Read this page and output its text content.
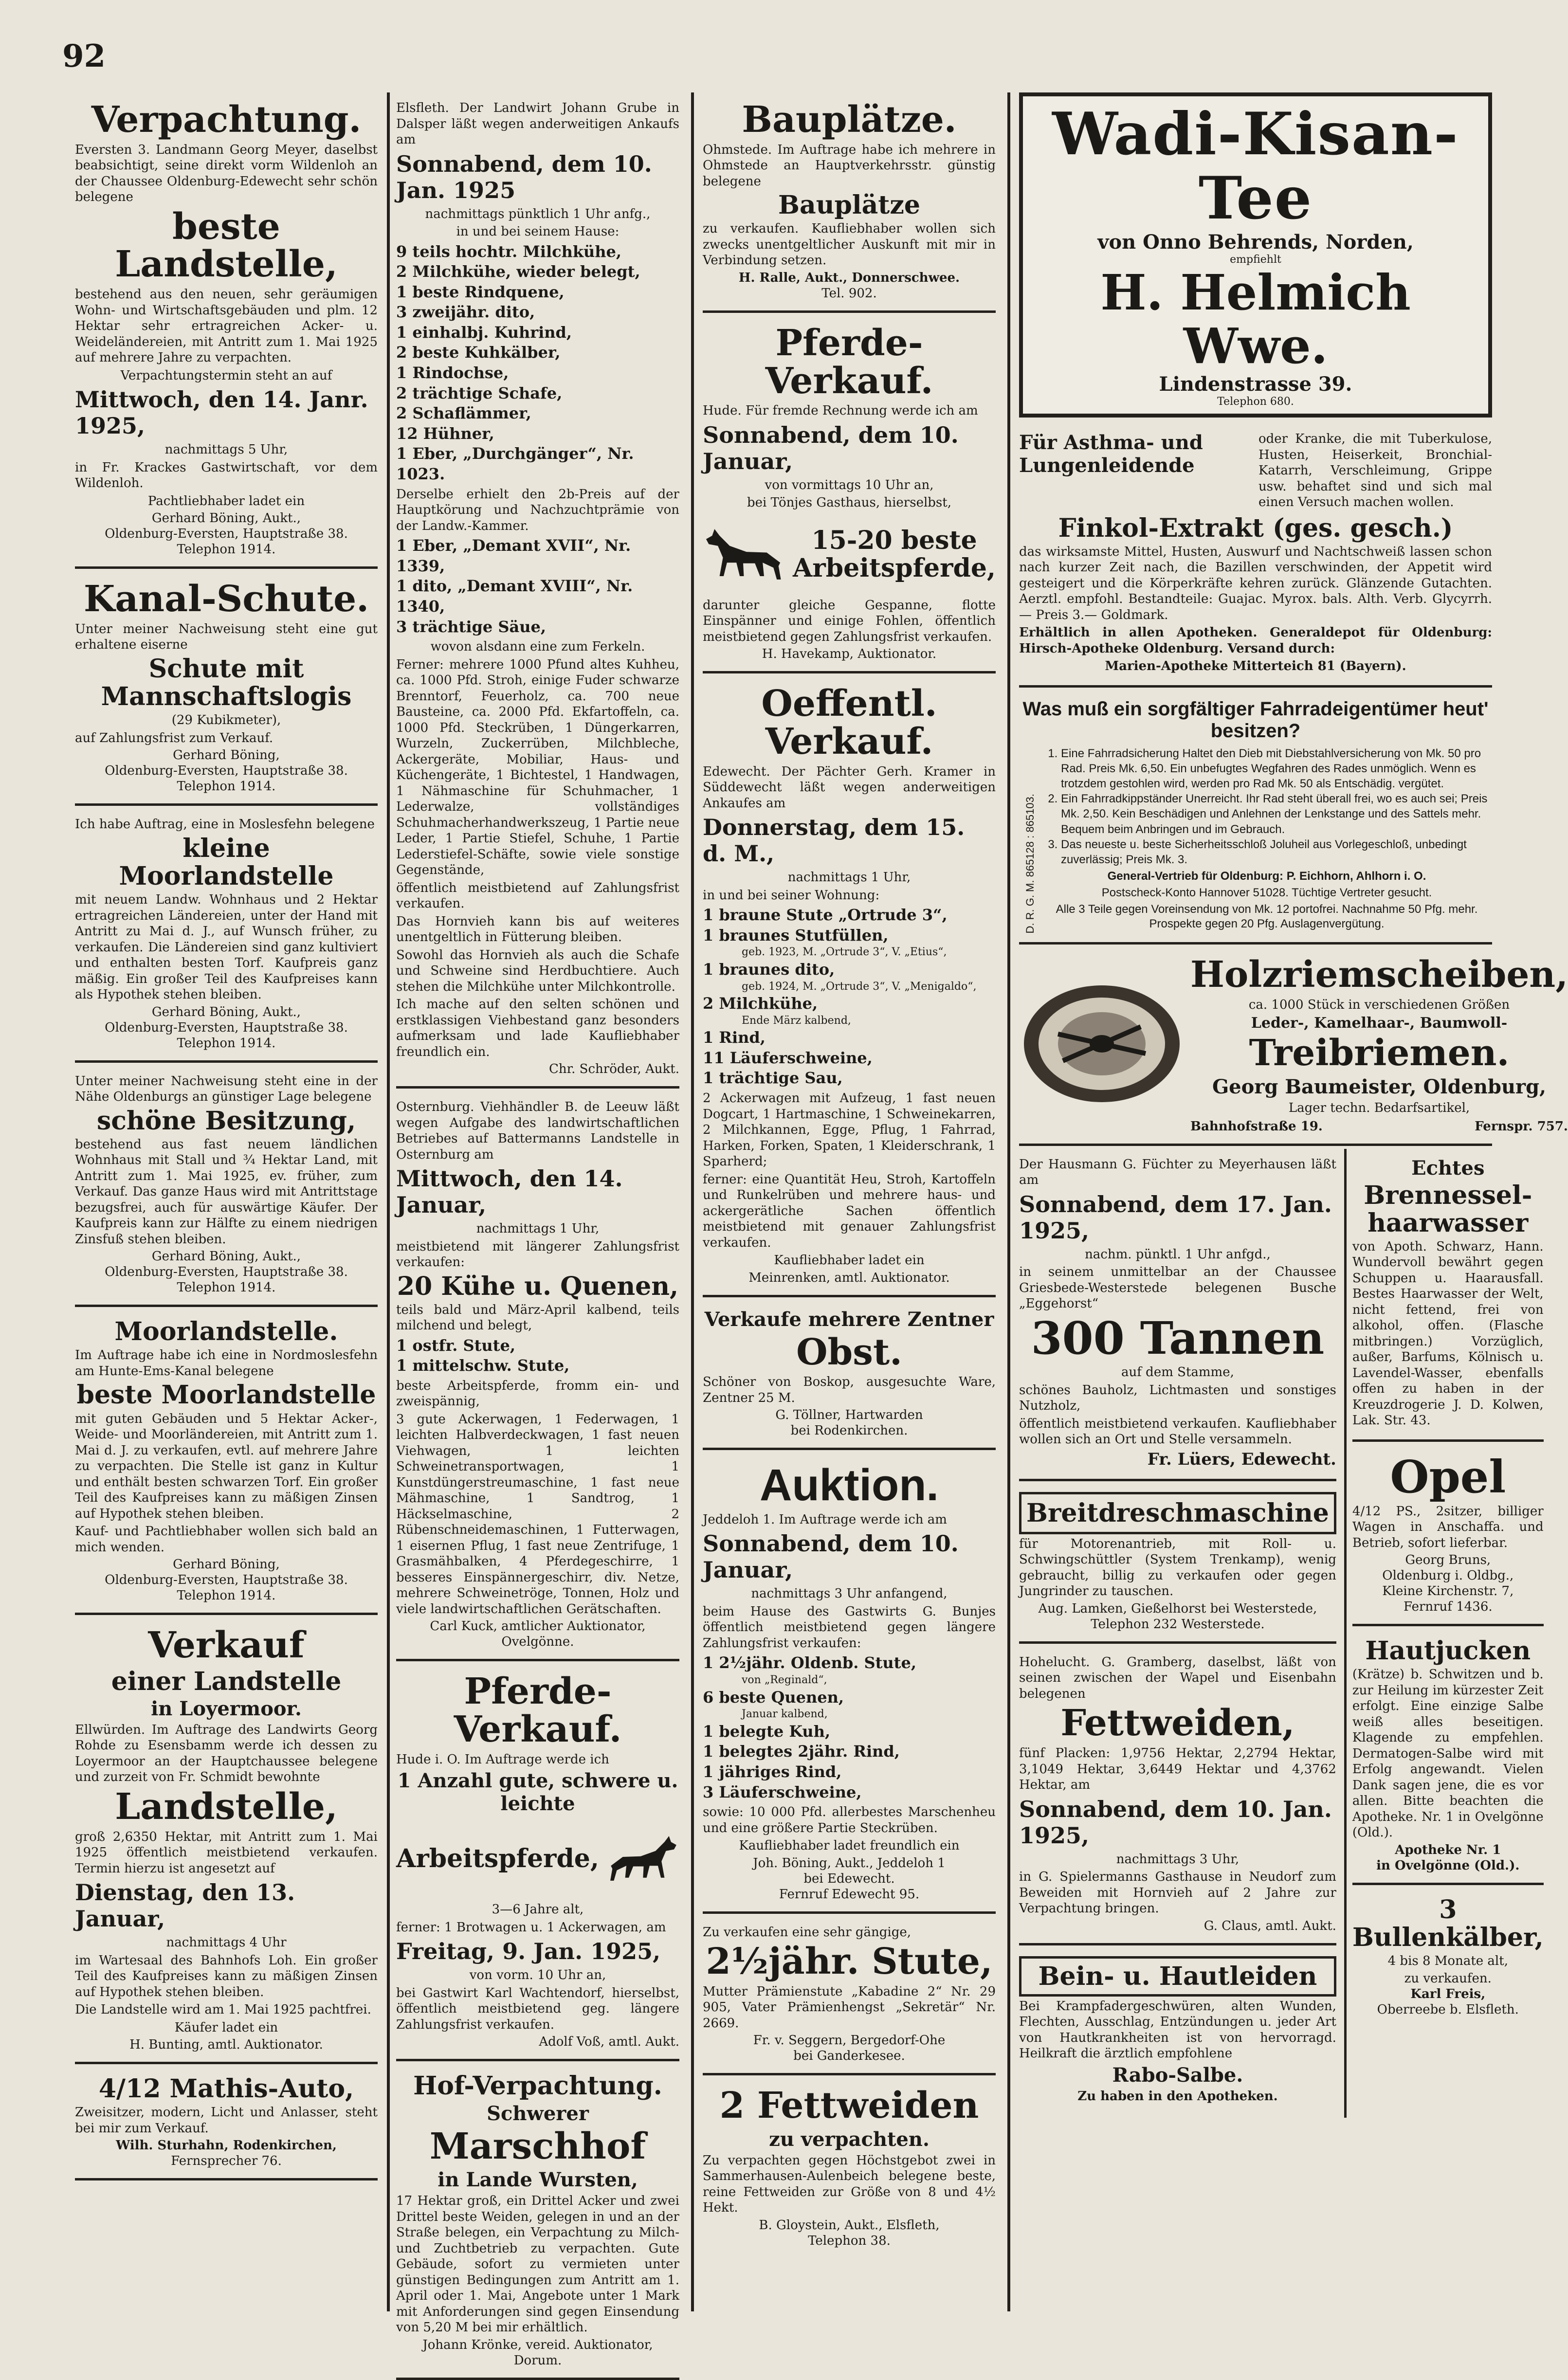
92
Verpachtung.

Eversten 3. Landmann Georg Meyer, daselbst beabsichtigt, seine direkt vorm Wildenloh an der Chaussee Oldenburg-Edewecht sehr schön belegene

beste Landstelle,

bestehend aus den neuen, sehr geräumigen Wohn- und Wirtschaftsgebäuden und plm. 12 Hektar sehr ertragreichen Acker- u. Weideländereien, mit Antritt zum 1. Mai 1925 auf mehrere Jahre zu verpachten.

Verpachtungstermin steht an auf

Mittwoch, den 14. Janr. 1925,

nachmittags 5 Uhr,

in Fr. Krackes Gastwirtschaft, vor dem Wildenloh.

Pachtliebhaber ladet ein

Gerhard Böning, Aukt.,
Oldenburg-Eversten, Hauptstraße 38.
Telephon 1914.
Kanal-Schute.

Unter meiner Nachweisung steht eine gut erhaltene eiserne

Schute mit Mannschaftslogis

(29 Kubikmeter),

auf Zahlungsfrist zum Verkauf.

Gerhard Böning,
Oldenburg-Eversten, Hauptstraße 38.
Telephon 1914.

Ich habe Auftrag, eine in Moslesfehn belegene

kleine Moorlandstelle

mit neuem Landw. Wohnhaus und 2 Hektar ertragreichen Ländereien, unter der Hand mit Antritt zu Mai d. J., auf Wunsch früher, zu verkaufen. Die Ländereien sind ganz kultiviert und enthalten besten Torf. Kaufpreis ganz mäßig. Ein großer Teil des Kaufpreises kann als Hypothek stehen bleiben.

Gerhard Böning, Aukt.,
Oldenburg-Eversten, Hauptstraße 38.
Telephon 1914.

Unter meiner Nachweisung steht eine in der Nähe Oldenburgs an günstiger Lage belegene

schöne Besitzung,

bestehend aus fast neuem ländlichen Wohnhaus mit Stall und ¾ Hektar Land, mit Antritt zum 1. Mai 1925, ev. früher, zum Verkauf. Das ganze Haus wird mit Antrittstage bezugsfrei, auch für auswärtige Käufer. Der Kaufpreis kann zur Hälfte zu einem niedrigen Zinsfuß stehen bleiben.

Gerhard Böning, Aukt.,
Oldenburg-Eversten, Hauptstraße 38.
Telephon 1914.
Moorlandstelle.

Im Auftrage habe ich eine in Nordmoslesfehn am Hunte-Ems-Kanal belegene

beste Moorlandstelle

mit guten Gebäuden und 5 Hektar Acker-, Weide- und Moorländereien, mit Antritt zum 1. Mai d. J. zu verkaufen, evtl. auf mehrere Jahre zu verpachten. Die Stelle ist ganz in Kultur und enthält besten schwarzen Torf. Ein großer Teil des Kaufpreises kann zu mäßigen Zinsen auf Hypothek stehen bleiben.

Kauf- und Pachtliebhaber wollen sich bald an mich wenden.

Gerhard Böning,
Oldenburg-Eversten, Hauptstraße 38.
Telephon 1914.
Verkauf
einer Landstelle
in Loyermoor.

Ellwürden. Im Auftrage des Landwirts Georg Rohde zu Esensbamm werde ich dessen zu Loyermoor an der Hauptchaussee belegene und zurzeit von Fr. Schmidt bewohnte

Landstelle,

groß 2,6350 Hektar, mit Antritt zum 1. Mai 1925 öffentlich meistbietend verkaufen. Termin hierzu ist angesetzt auf

Dienstag, den 13. Januar,

nachmittags 4 Uhr

im Wartesaal des Bahnhofs Loh. Ein großer Teil des Kaufpreises kann zu mäßigen Zinsen auf Hypothek stehen bleiben.

Die Landstelle wird am 1. Mai 1925 pachtfrei.

Käufer ladet ein

H. Bunting, amtl. Auktionator.
4/12 Mathis-Auto,

Zweisitzer, modern, Licht und Anlasser, steht bei mir zum Verkauf.

Wilh. Sturhahn, Rodenkirchen,
Fernsprecher 76.

Elsfleth. Der Landwirt Johann Grube in Dalsper läßt wegen anderweitigen Ankaufs am

Sonnabend, dem 10. Jan. 1925

nachmittags pünktlich 1 Uhr anfg.,

in und bei seinem Hause:

9 teils hochtr. Milchkühe,
2 Milchkühe, wieder belegt,
1 beste Rindquene,
3 zweijähr. dito,
1 einhalbj. Kuhrind,
2 beste Kuhkälber,
1 Rindochse,
2 trächtige Schafe,
2 Schaflämmer,
12 Hühner,
1 Eber, „Durchgänger“, Nr. 1023.

Derselbe erhielt den 2b-Preis auf der Hauptkörung und Nachzuchtprämie von der Landw.-Kammer.

1 Eber, „Demant XVII“, Nr. 1339,
1 dito, „Demant XVIII“, Nr. 1340,
3 trächtige Säue,

wovon alsdann eine zum Ferkeln.

Ferner: mehrere 1000 Pfund altes Kuhheu, ca. 1000 Pfd. Stroh, einige Fuder schwarze Brenntorf, Feuerholz, ca. 700 neue Bausteine, ca. 2000 Pfd. Ekfartoffeln, ca. 1000 Pfd. Steckrüben, 1 Düngerkarren, Wurzeln, Zuckerrüben, Milchbleche, Ackergeräte, Mobiliar, Haus- und Küchengeräte, 1 Bichtestel, 1 Handwagen, 1 Nähmaschine für Schuhmacher, 1 Lederwalze, vollständiges Schuhmacherhandwerkszeug, 1 Partie neue Leder, 1 Partie Stiefel, Schuhe, 1 Partie Lederstiefel-Schäfte, sowie viele sonstige Gegenstände,

öffentlich meistbietend auf Zahlungsfrist verkaufen.

Das Hornvieh kann bis auf weiteres unentgeltlich in Fütterung bleiben.

Sowohl das Hornvieh als auch die Schafe und Schweine sind Herdbuchtiere. Auch stehen die Milchkühe unter Milchkontrolle.

Ich mache auf den selten schönen und erstklassigen Viehbestand ganz besonders aufmerksam und lade Kaufliebhaber freundlich ein.

Chr. Schröder, Aukt.

Osternburg. Viehhändler B. de Leeuw läßt wegen Aufgabe des landwirtschaftlichen Betriebes auf Battermanns Landstelle in Osternburg am

Mittwoch, den 14. Januar,

nachmittags 1 Uhr,

meistbietend mit längerer Zahlungsfrist verkaufen:

20 Kühe u. Quenen,

teils bald und März-April kalbend, teils milchend und belegt,

1 ostfr. Stute,
1 mittelschw. Stute,

beste Arbeitspferde, fromm ein- und zweispännig,

3 gute Ackerwagen, 1 Federwagen, 1 leichten Halbverdeckwagen, 1 fast neuen Viehwagen, 1 leichten Schweinetransportwagen, 1 Kunstdüngerstreumaschine, 1 fast neue Mähmaschine, 1 Sandtrog, 1 Häckselmaschine, 2 Rübenschneidemaschinen, 1 Futterwagen, 1 eisernen Pflug, 1 fast neue Zentrifuge, 1 Grasmähbalken, 4 Pferdegeschirre, 1 besseres Einspännergeschirr, div. Netze, mehrere Schweinetröge, Tonnen, Holz und viele landwirtschaftlichen Gerätschaften.

Carl Kuck, amtlicher Auktionator,
Ovelgönne.
Pferde-Verkauf.

Hude i. O. Im Auftrage werde ich

1 Anzahl gute, schwere u. leichte
Arbeitspferde,

3—6 Jahre alt,

ferner: 1 Brotwagen u. 1 Ackerwagen, am

Freitag, 9. Jan. 1925,

von vorm. 10 Uhr an,

bei Gastwirt Karl Wachtendorf, hierselbst, öffentlich meistbietend geg. längere Zahlungsfrist verkaufen.

Adolf Voß, amtl. Aukt.
Hof-Verpachtung.
Schwerer
Marschhof
in Lande Wursten,

17 Hektar groß, ein Drittel Acker und zwei Drittel beste Weiden, gelegen in und an der Straße belegen, ein Verpachtung zu Milch- und Zuchtbetrieb zu verpachten. Gute Gebäude, sofort zu vermieten unter günstigen Bedingungen zum Antritt am 1. April oder 1. Mai, Angebote unter 1 Mark mit Anforderungen sind gegen Einsendung von 5,20 M bei mir erhältlich.

Johann Krönke, vereid. Auktionator,
Dorum.
Bauplätze.

Ohmstede. Im Auftrage habe ich mehrere in Ohmstede an Hauptverkehrsstr. günstig belegene

Bauplätze

zu verkaufen. Kaufliebhaber wollen sich zwecks unentgeltlicher Auskunft mit mir in Verbindung setzen.

H. Ralle, Aukt., Donnerschwee.
Tel. 902.
Pferde-Verkauf.

Hude. Für fremde Rechnung werde ich am

Sonnabend, dem 10. Januar,

von vormittags 10 Uhr an,

bei Tönjes Gasthaus, hierselbst,

15-20 beste Arbeitspferde,

darunter gleiche Gespanne, flotte Einspänner und einige Fohlen, öffentlich meistbietend gegen Zahlungsfrist verkaufen.

H. Havekamp, Auktionator.
Oeffentl. Verkauf.

Edewecht. Der Pächter Gerh. Kramer in Süddewecht läßt wegen anderweitigen Ankaufes am

Donnerstag, dem 15. d. M.,

nachmittags 1 Uhr,

in und bei seiner Wohnung:

1 braune Stute „Ortrude 3“,
1 braunes Stutfüllen,
geb. 1923, M. „Ortrude 3“, V. „Etius“,
1 braunes dito,
geb. 1924, M. „Ortrude 3“, V. „Menigaldo“,
2 Milchkühe,
Ende März kalbend,
1 Rind,
11 Läuferschweine,
1 trächtige Sau,

2 Ackerwagen mit Aufzeug, 1 fast neuen Dogcart, 1 Hartmaschine, 1 Schweinekarren, 2 Milchkannen, Egge, Pflug, 1 Fahrrad, Harken, Forken, Spaten, 1 Kleiderschrank, 1 Sparherd;

ferner: eine Quantität Heu, Stroh, Kartoffeln und Runkelrüben und mehrere haus- und ackergerätliche Sachen öffentlich meistbietend mit genauer Zahlungsfrist verkaufen.

Kaufliebhaber ladet ein

Meinrenken, amtl. Auktionator.
Verkaufe mehrere Zentner
Obst.

Schöner von Boskop, ausgesuchte Ware, Zentner 25 M.

G. Töllner, Hartwarden
bei Rodenkirchen.
Auktion.

Jeddeloh 1. Im Auftrage werde ich am

Sonnabend, dem 10. Januar,

nachmittags 3 Uhr anfangend,

beim Hause des Gastwirts G. Bunjes öffentlich meistbietend gegen längere Zahlungsfrist verkaufen:

1 2½jähr. Oldenb. Stute,
von „Reginald“,
6 beste Quenen,
Januar kalbend,
1 belegte Kuh,
1 belegtes 2jähr. Rind,
1 jähriges Rind,
3 Läuferschweine,

sowie: 10 000 Pfd. allerbestes Marschenheu und eine größere Partie Steckrüben.

Kaufliebhaber ladet freundlich ein

Joh. Böning, Aukt., Jeddeloh 1
bei Edewecht.
Fernruf Edewecht 95.

Zu verkaufen eine sehr gängige,

2½jähr. Stute,

Mutter Prämienstute „Kabadine 2“ Nr. 29 905, Vater Prämienhengst „Sekretär“ Nr. 2669.

Fr. v. Seggern, Bergedorf-Ohe
bei Ganderkesee.
2 Fettweiden
zu verpachten.

Zu verpachten gegen Höchstgebot zwei in Sammerhausen-Aulenbeich belegene beste, reine Fettweiden zur Größe von 8 und 4½ Hekt.

B. Gloystein, Aukt., Elsfleth,
Telephon 38.
Wadi-Kisan-Tee
von Onno Behrends, Norden,
empfiehlt
H. Helmich Wwe.
Lindenstrasse 39.
Telephon 680.
Für Asthma- und Lungenleidende

oder Kranke, die mit Tuberkulose, Husten, Heiserkeit, Bronchial-Katarrh, Verschleimung, Grippe usw. behaftet sind und sich mal einen Versuch machen wollen.

Finkol-Extrakt (ges. gesch.)

das wirksamste Mittel, Husten, Auswurf und Nachtschweiß lassen schon nach kurzer Zeit nach, die Bazillen verschwinden, der Appetit wird gesteigert und die Körperkräfte kehren zurück. Glänzende Gutachten. Aerztl. empfohl. Bestandteile: Guajac. Myrox. bals. Alth. Verb. Glycyrrh. — Preis 3.— Goldmark.

Erhältlich in allen Apotheken. Generaldepot für Oldenburg: Hirsch-Apotheke Oldenburg. Versand durch:

Marien-Apotheke Mitterteich 81 (Bayern).

Was muß ein sorgfältiger Fahrradeigentümer heut' besitzen?
D. R. G. M. 865128 : 865103.
1. Eine Fahrradsicherung Haltet den Dieb mit Diebstahlversicherung von Mk. 50 pro Rad. Preis Mk. 6,50. Ein unbefugtes Wegfahren des Rades unmöglich. Wenn es trotzdem gestohlen wird, werden pro Rad Mk. 50 als Entschädig. vergütet.
2. Ein Fahrradkippständer Unerreicht. Ihr Rad steht überall frei, wo es auch sei; Preis Mk. 2,50. Kein Beschädigen und Anlehnen der Lenkstange und des Sattels mehr. Bequem beim Anbringen und im Gebrauch.
3. Das neueste u. beste Sicherheitsschloß Joluheil aus Vorlegeschloß, unbedingt zuverlässig; Preis Mk. 3.

General-Vertrieb für Oldenburg: P. Eichhorn, Ahlhorn i. O.

Postscheck-Konto Hannover 51028. Tüchtige Vertreter gesucht.

Alle 3 Teile gegen Voreinsendung von Mk. 12 portofrei. Nachnahme 50 Pfg. mehr. Prospekte gegen 20 Pfg. Auslagenvergütung.

Holzriemscheiben,

ca. 1000 Stück in verschiedenen Größen

Leder-, Kamelhaar-, Baumwoll-
Treibriemen.
Georg Baumeister, Oldenburg,

Lager techn. Bedarfsartikel,

Bahnhofstraße 19.	Fernspr. 757.

Der Hausmann G. Füchter zu Meyerhausen läßt am

Sonnabend, dem 17. Jan. 1925,

nachm. pünktl. 1 Uhr anfgd.,

in seinem unmittelbar an der Chaussee Griesbede-Westerstede belegenen Busche „Eggehorst“

300 Tannen

auf dem Stamme,

schönes Bauholz, Lichtmasten und sonstiges Nutzholz,

öffentlich meistbietend verkaufen. Kaufliebhaber wollen sich an Ort und Stelle versammeln.

Fr. Lüers, Edewecht.
Breitdreschmaschine

für Motorenantrieb, mit Roll- u. Schwingschüttler (System Trenkamp), wenig gebraucht, billig zu verkaufen oder gegen Jungrinder zu tauschen.

Aug. Lamken, Gießelhorst bei Westerstede,
Telephon 232 Westerstede.

Hohelucht. G. Gramberg, daselbst, läßt von seinen zwischen der Wapel und Eisenbahn belegenen

Fettweiden,

fünf Placken: 1,9756 Hektar, 2,2794 Hektar, 3,1049 Hektar, 3,6449 Hektar und 4,3762 Hektar, am

Sonnabend, dem 10. Jan. 1925,

nachmittags 3 Uhr,

in G. Spielermanns Gasthause in Neudorf zum Beweiden mit Hornvieh auf 2 Jahre zur Verpachtung bringen.

G. Claus, amtl. Aukt.
Bein- u. Hautleiden

Bei Krampfadergeschwüren, alten Wunden, Flechten, Ausschlag, Entzündungen u. jeder Art von Hautkrankheiten ist von hervorragd. Heilkraft die ärztlich empfohlene

Rabo-Salbe.

Zu haben in den Apotheken.

Echtes
Brennessel-haarwasser

von Apoth. Schwarz, Hann. Wundervoll bewährt gegen Schuppen u. Haarausfall. Bestes Haarwasser der Welt, nicht fettend, frei von alkohol, offen. (Flasche mitbringen.) Vorzüglich, außer, Barfums, Kölnisch u. Lavendel-Wasser, ebenfalls offen zu haben in der Kreuzdrogerie J. D. Kolwen, Lak. Str. 43.

Opel

4/12 PS., 2sitzer, billiger Wagen in Anschaffa. und Betrieb, sofort lieferbar.

Georg Bruns,
Oldenburg i. Oldbg.,
Kleine Kirchenstr. 7,
Fernruf 1436.
Hautjucken

(Krätze) b. Schwitzen und b. zur Heilung im kürzester Zeit erfolgt. Eine einzige Salbe weiß alles beseitigen. Klagende zu empfehlen. Dermatogen-Salbe wird mit Erfolg angewandt. Vielen Dank sagen jene, die es vor allen. Bitte beachten die Apotheke. Nr. 1 in Ovelgönne (Old.).

Apotheke Nr. 1
in Ovelgönne (Old.).
3 Bullenkälber,

4 bis 8 Monate alt,

zu verkaufen.
Karl Freis,
Oberreebe b. Elsfleth.
